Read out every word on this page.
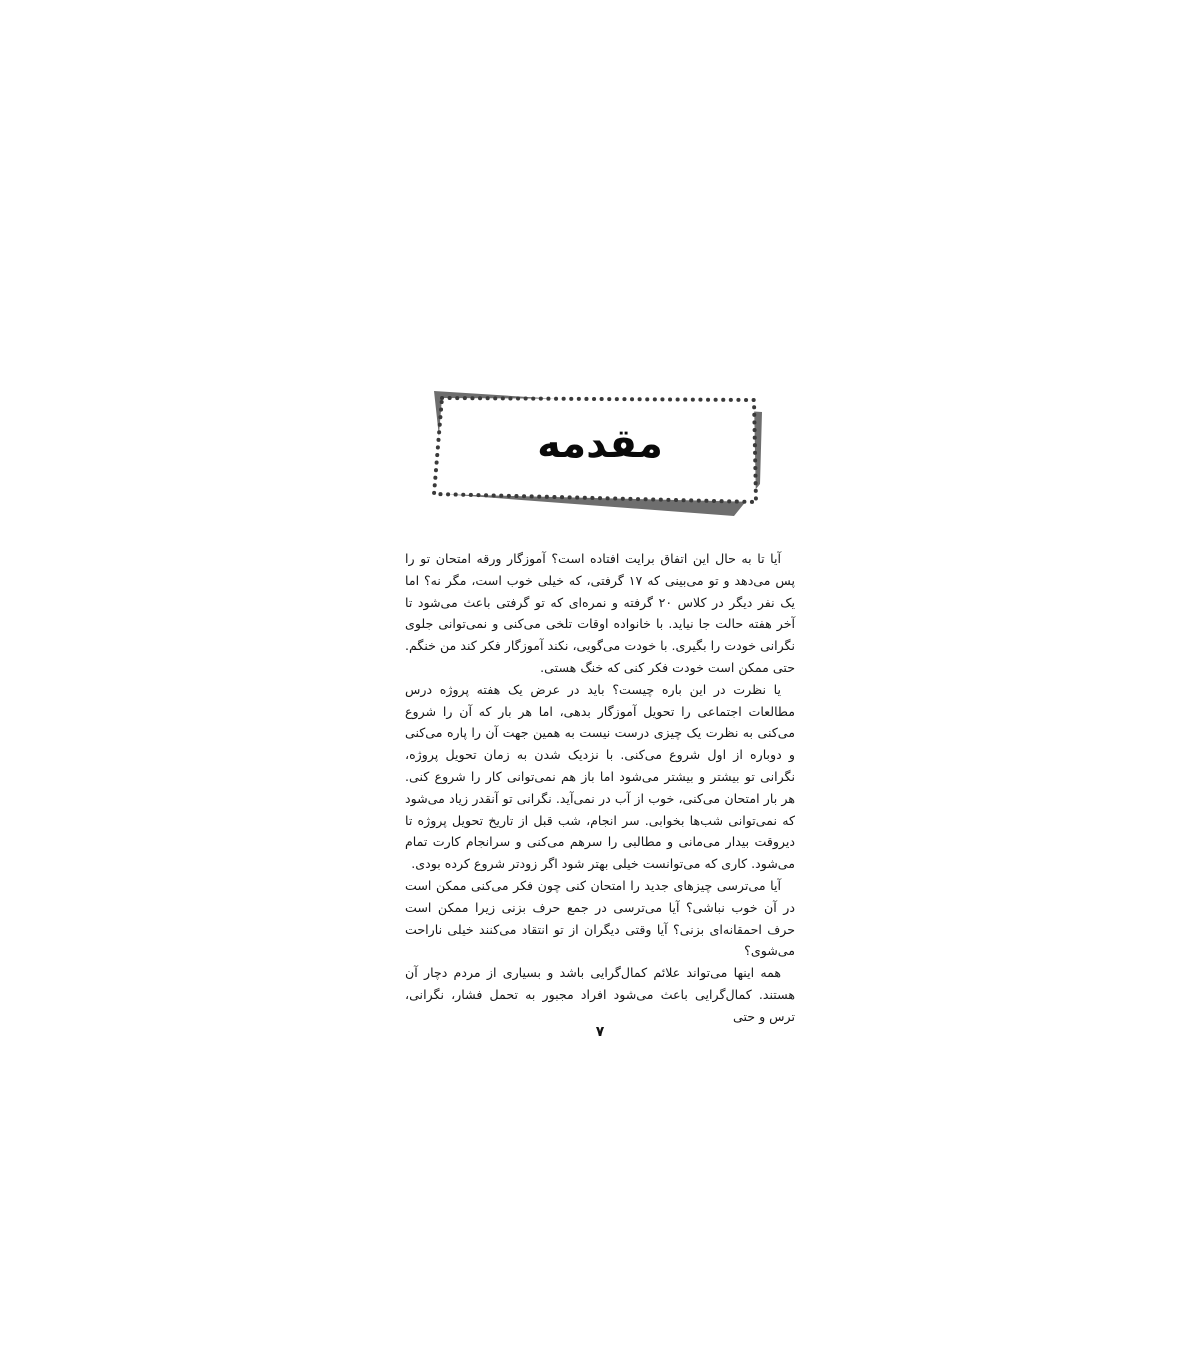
مقدمه

آیا تا به حال این اتفاق برایت افتاده است؟ آموزگار ورقه امتحان تو را پس می‌دهد و تو می‌بینی که ۱۷ گرفتی، که خیلی خوب است، مگر نه؟ اما یک نفر دیگر در کلاس ۲۰ گرفته و نمره‌ای که تو گرفتی باعث می‌شود تا آخر هفته حالت جا نیاید. با خانواده اوقات تلخی می‌کنی و نمی‌توانی جلوی نگرانی خودت را بگیری. با خودت می‌گویی، نکند آموزگار فکر کند من خنگم. حتی ممکن است خودت فکر کنی که خنگ هستی.

یا نظرت در این باره چیست؟ باید در عرض یک هفته پروژه درس مطالعات اجتماعی را تحویل آموزگار بدهی، اما هر بار که آن را شروع می‌کنی به نظرت یک چیزی درست نیست به همین جهت آن را پاره می‌کنی و دوباره از اول شروع می‌کنی. با نزدیک شدن به زمان تحویل پروژه، نگرانی تو بیشتر و بیشتر می‌شود اما باز هم نمی‌توانی کار را شروع کنی. هر بار امتحان می‌کنی، خوب از آب در نمی‌آید. نگرانی تو آنقدر زیاد می‌شود که نمی‌توانی شب‌ها بخوابی. سر انجام، شب قبل از تاریخ تحویل پروژه تا دیروقت بیدار می‌مانی و مطالبی را سرهم می‌کنی و سرانجام کارت تمام می‌شود. کاری که می‌توانست خیلی بهتر شود اگر زودتر شروع کرده بودی.

آیا می‌ترسی چیزهای جدید را امتحان کنی چون فکر می‌کنی ممکن است در آن خوب نباشی؟ آیا می‌ترسی در جمع حرف بزنی زیرا ممکن است حرف احمقانه‌ای بزنی؟ آیا وقتی دیگران از تو انتقاد می‌کنند خیلی ناراحت می‌شوی؟

همه اینها می‌تواند علائم کمال‌گرایی باشد و بسیاری از مردم دچار آن هستند. کمال‌گرایی باعث می‌شود افراد مجبور به تحمل فشار، نگرانی، ترس و حتی

۷
